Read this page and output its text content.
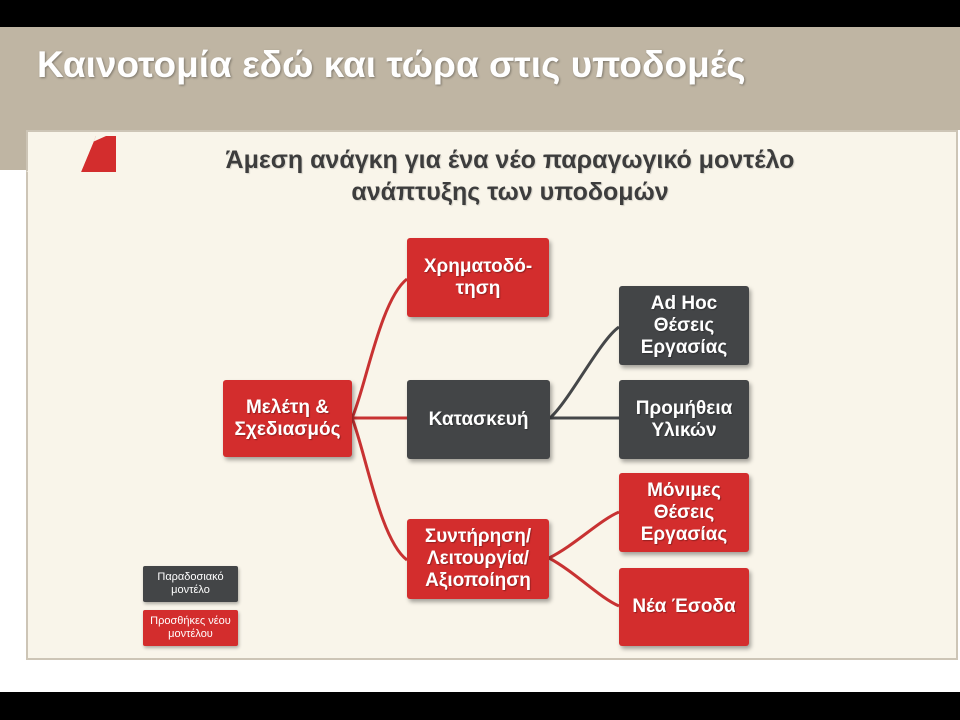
Καινοτομία εδώ και τώρα στις υποδομές
Άμεση ανάγκη για ένα νέο παραγωγικό μοντέλο
ανάπτυξης των υποδομών
Μελέτη &
Σχεδιασμός
Χρηματοδό-
τηση
Κατασκευή
Συντήρηση/
Λειτουργία/
Αξιοποίηση
Ad Hoc Θέσεις
Εργασίας
Προμήθεια
Υλικών
Μόνιμες
Θέσεις
Εργασίας
Νέα Έσοδα
Παραδοσιακό
μοντέλο
Προσθήκες νέου
μοντέλου
